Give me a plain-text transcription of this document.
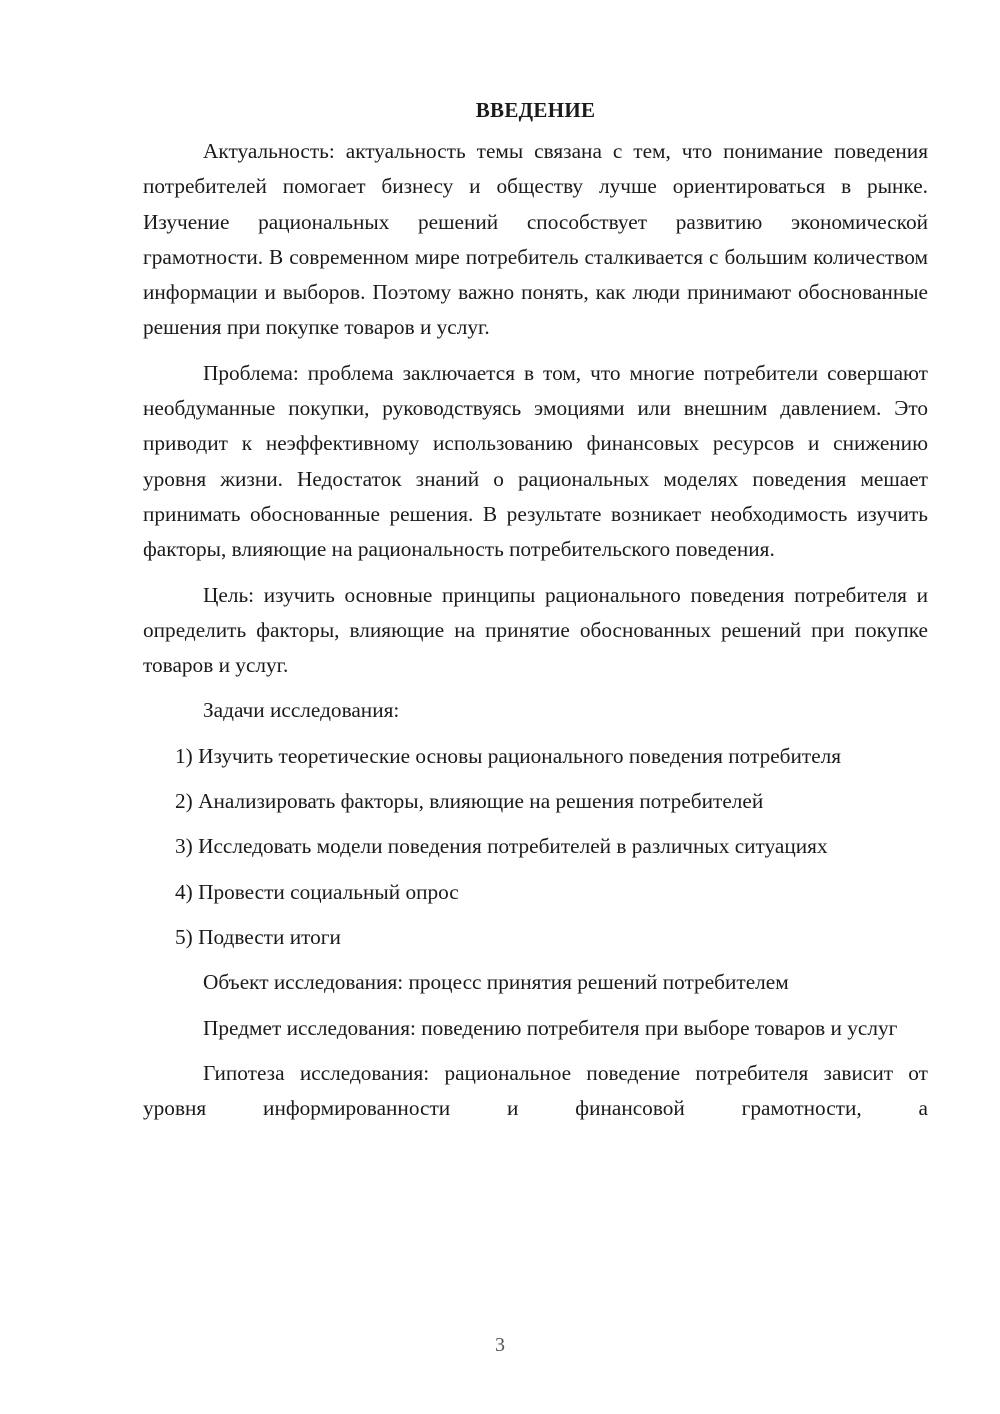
ВВЕДЕНИЕ

Актуальность: актуальность темы связана с тем, что понимание поведения потребителей помогает бизнесу и обществу лучше ориентироваться в рынке. Изучение рациональных решений способствует развитию экономической грамотности. В современном мире потребитель сталкивается с большим количеством информации и выборов. Поэтому важно понять, как люди принимают обоснованные решения при покупке товаров и услуг.

Проблема: проблема заключается в том, что многие потребители совершают необдуманные покупки, руководствуясь эмоциями или внешним давлением. Это приводит к неэффективному использованию финансовых ресурсов и снижению уровня жизни. Недостаток знаний о рациональных моделях поведения мешает принимать обоснованные решения. В результате возникает необходимость изучить факторы, влияющие на рациональность потребительского поведения.

Цель: изучить основные принципы рационального поведения потребителя и определить факторы, влияющие на принятие обоснованных решений при покупке товаров и услуг.

Задачи исследования:

1) Изучить теоретические основы рационального поведения потребителя

2) Анализировать факторы, влияющие на решения потребителей

3) Исследовать модели поведения потребителей в различных ситуациях

4) Провести социальный опрос

5) Подвести итоги

Объект исследования: процесс принятия решений потребителем

Предмет исследования: поведению потребителя при выборе товаров и услуг

Гипотеза исследования: рациональное поведение потребителя зависит от уровня информированности и финансовой грамотности, а

3
